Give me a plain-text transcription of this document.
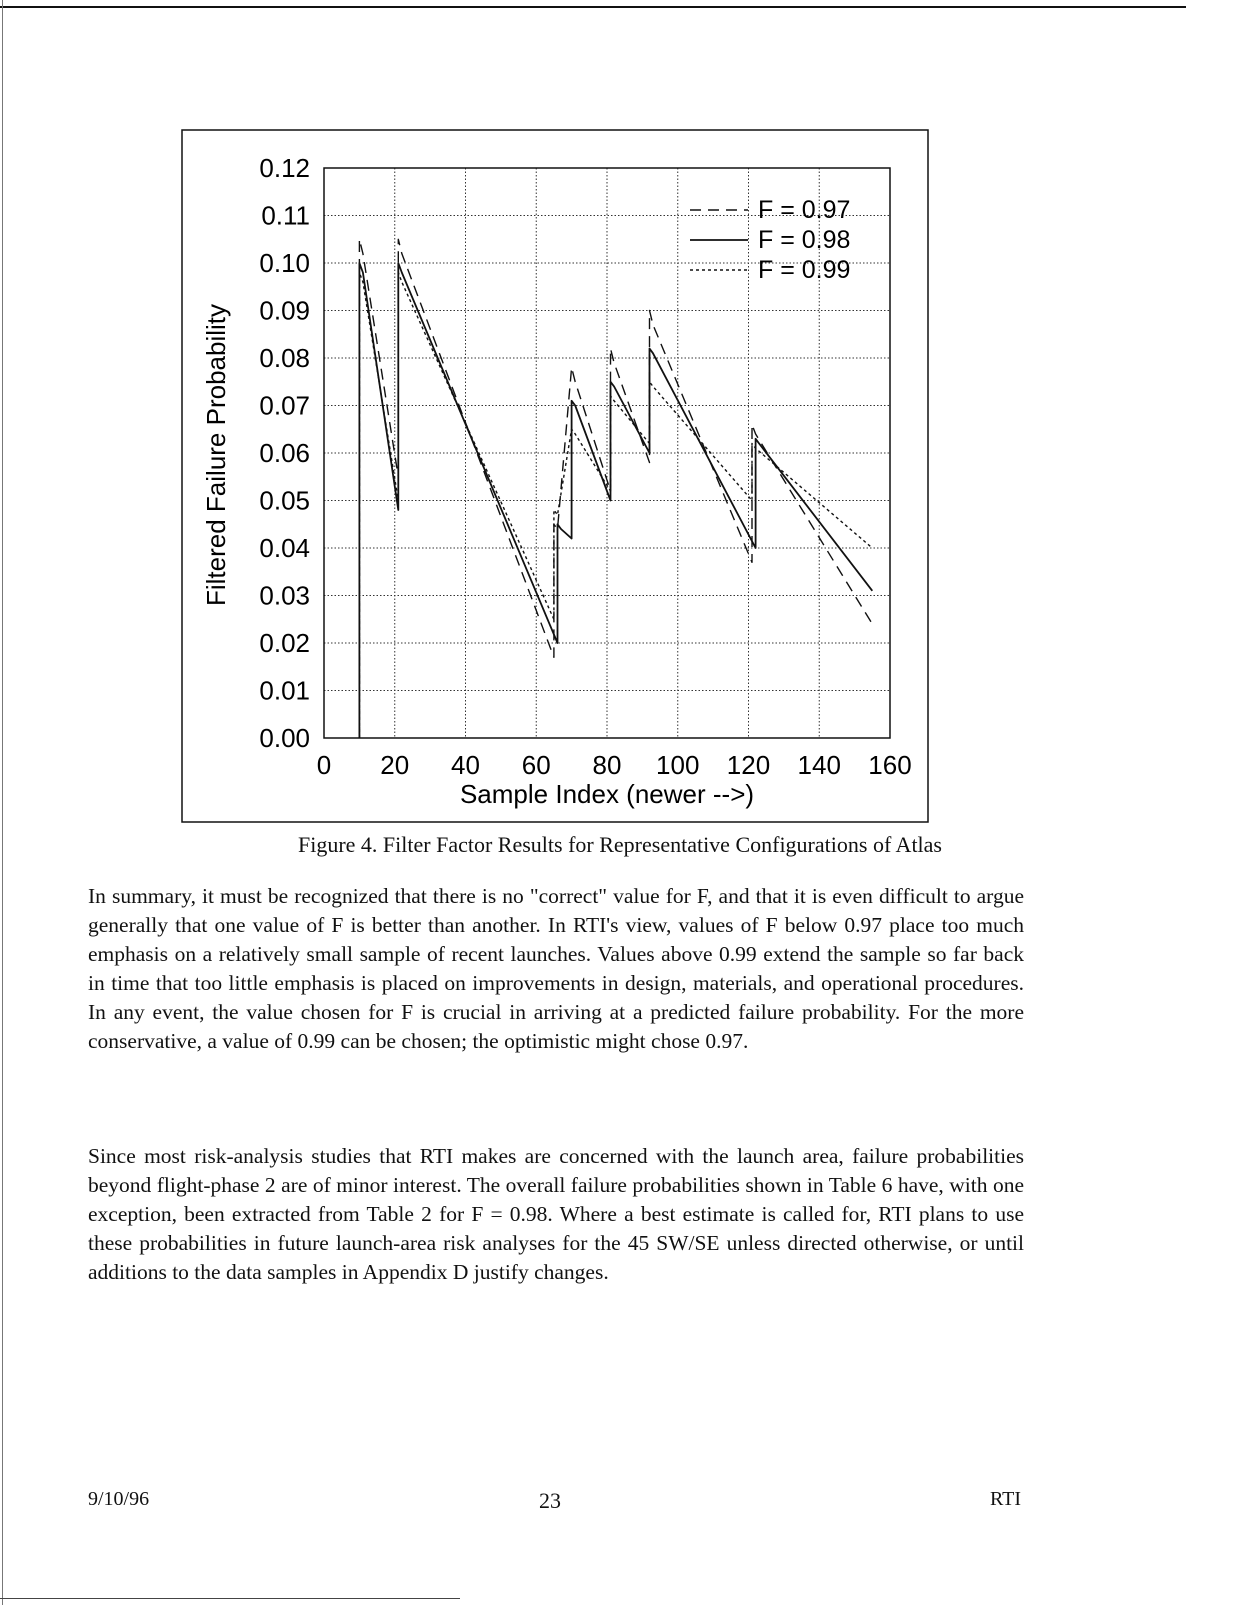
0 20 40 60 80 100 120 140 160
0.00
0.01
0.02
0.03
0.04
0.05
0.06
0.07
0.08
0.09
0.10
0.11
0.12
F = 0.97
F = 0.98
F = 0.99
Filtered Failure Probability
Sample Index (newer -->)
Figure 4. Filter Factor Results for Representative Configurations of Atlas

In summary, it must be recognized that there is no "correct" value for F, and that it is even difficult to argue generally that one value of F is better than another. In RTI's view, values of F below 0.97 place too much emphasis on a relatively small sample of recent launches. Values above 0.99 extend the sample so far back in time that too little emphasis is placed on improvements in design, materials, and operational procedures. In any event, the value chosen for F is crucial in arriving at a predicted failure probability. For the more conservative, a value of 0.99 can be chosen; the optimistic might chose 0.97.

Since most risk-analysis studies that RTI makes are concerned with the launch area, failure probabilities beyond flight-phase 2 are of minor interest. The overall failure probabilities shown in Table 6 have, with one exception, been extracted from Table 2 for F = 0.98. Where a best estimate is called for, RTI plans to use these probabilities in future launch-area risk analyses for the 45 SW/SE unless directed otherwise, or until additions to the data samples in Appendix D justify changes.

9/10/96	23	RTI
